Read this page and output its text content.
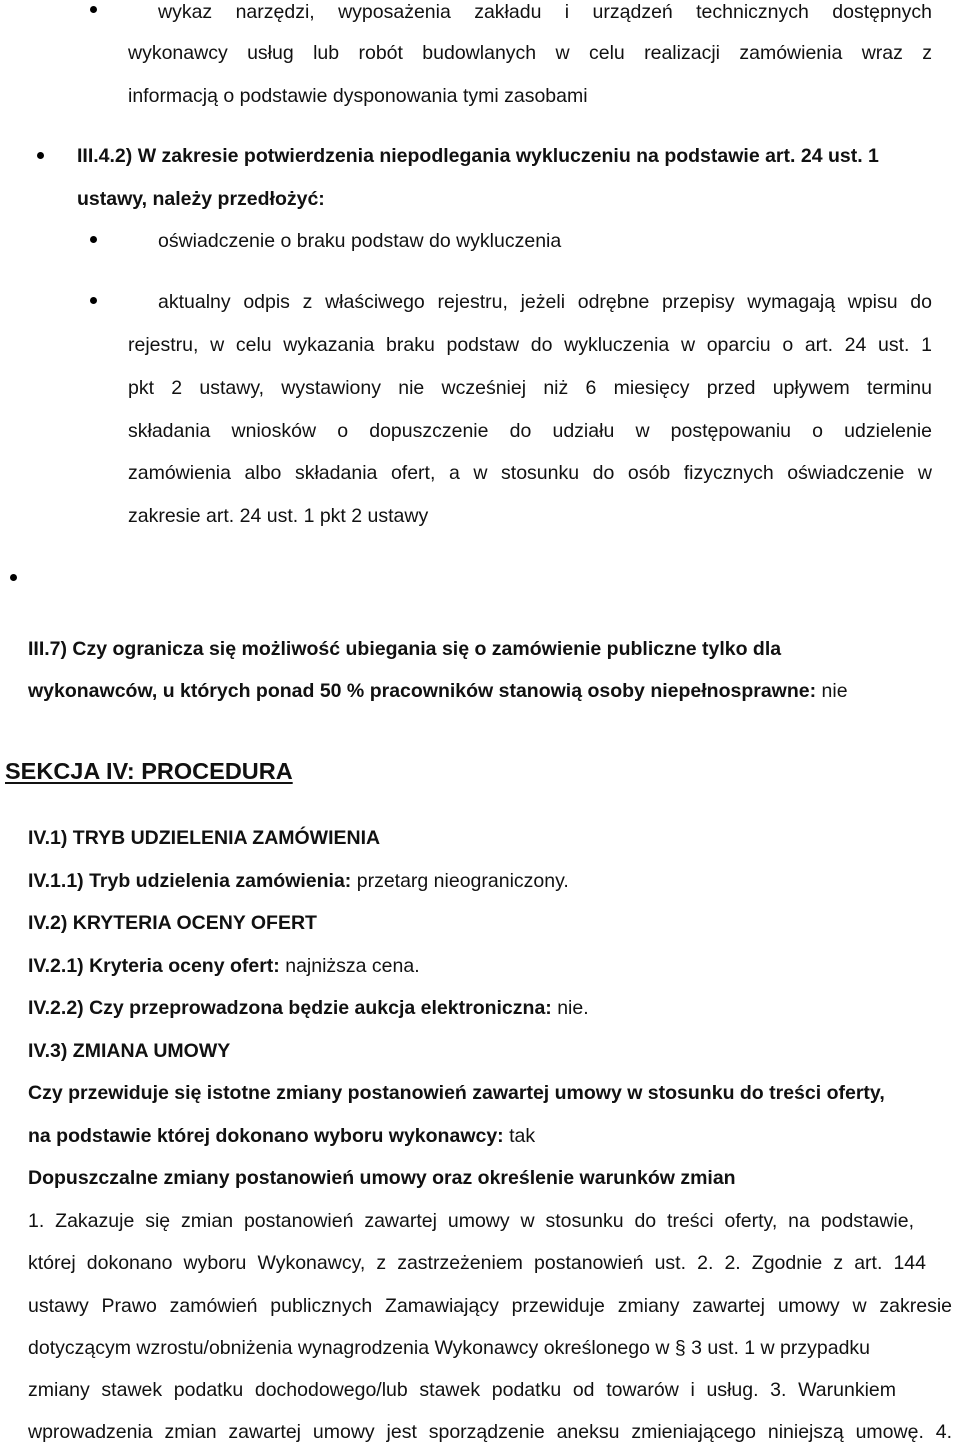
wykaz narzędzi, wyposażenia zakładu i urządzeń technicznych dostępnych
wykonawcy usług lub robót budowlanych w celu realizacji zamówienia wraz z
informacją o podstawie dysponowania tymi zasobami
III.4.2) W zakresie potwierdzenia niepodlegania wykluczeniu na podstawie art. 24 ust. 1
ustawy, należy przedłożyć:
oświadczenie o braku podstaw do wykluczenia
aktualny odpis z właściwego rejestru, jeżeli odrębne przepisy wymagają wpisu do
rejestru, w celu wykazania braku podstaw do wykluczenia w oparciu o art. 24 ust. 1
pkt 2 ustawy, wystawiony nie wcześniej niż 6 miesięcy przed upływem terminu
składania wniosków o dopuszczenie do udziału w postępowaniu o udzielenie
zamówienia albo składania ofert, a w stosunku do osób fizycznych oświadczenie w
zakresie art. 24 ust. 1 pkt 2 ustawy
III.7) Czy ogranicza się możliwość ubiegania się o zamówienie publiczne tylko dla
wykonawców, u których ponad 50 % pracowników stanowią osoby niepełnosprawne: nie
SEKCJA IV: PROCEDURA
IV.1) TRYB UDZIELENIA ZAMÓWIENIA
IV.1.1) Tryb udzielenia zamówienia: przetarg nieograniczony.
IV.2) KRYTERIA OCENY OFERT
IV.2.1) Kryteria oceny ofert: najniższa cena.
IV.2.2) Czy przeprowadzona będzie aukcja elektroniczna: nie.
IV.3) ZMIANA UMOWY
Czy przewiduje się istotne zmiany postanowień zawartej umowy w stosunku do treści oferty,
na podstawie której dokonano wyboru wykonawcy: tak
Dopuszczalne zmiany postanowień umowy oraz określenie warunków zmian
1. Zakazuje się zmian postanowień zawartej umowy w stosunku do treści oferty, na podstawie,
której dokonano wyboru Wykonawcy, z zastrzeżeniem postanowień ust. 2. 2. Zgodnie z art. 144
ustawy Prawo zamówień publicznych Zamawiający przewiduje zmiany zawartej umowy w zakresie
dotyczącym wzrostu/obniżenia wynagrodzenia Wykonawcy określonego w § 3 ust. 1 w przypadku
zmiany stawek podatku dochodowego/lub stawek podatku od towarów i usług. 3. Warunkiem
wprowadzenia zmian zawartej umowy jest sporządzenie aneksu zmieniającego niniejszą umowę. 4.
